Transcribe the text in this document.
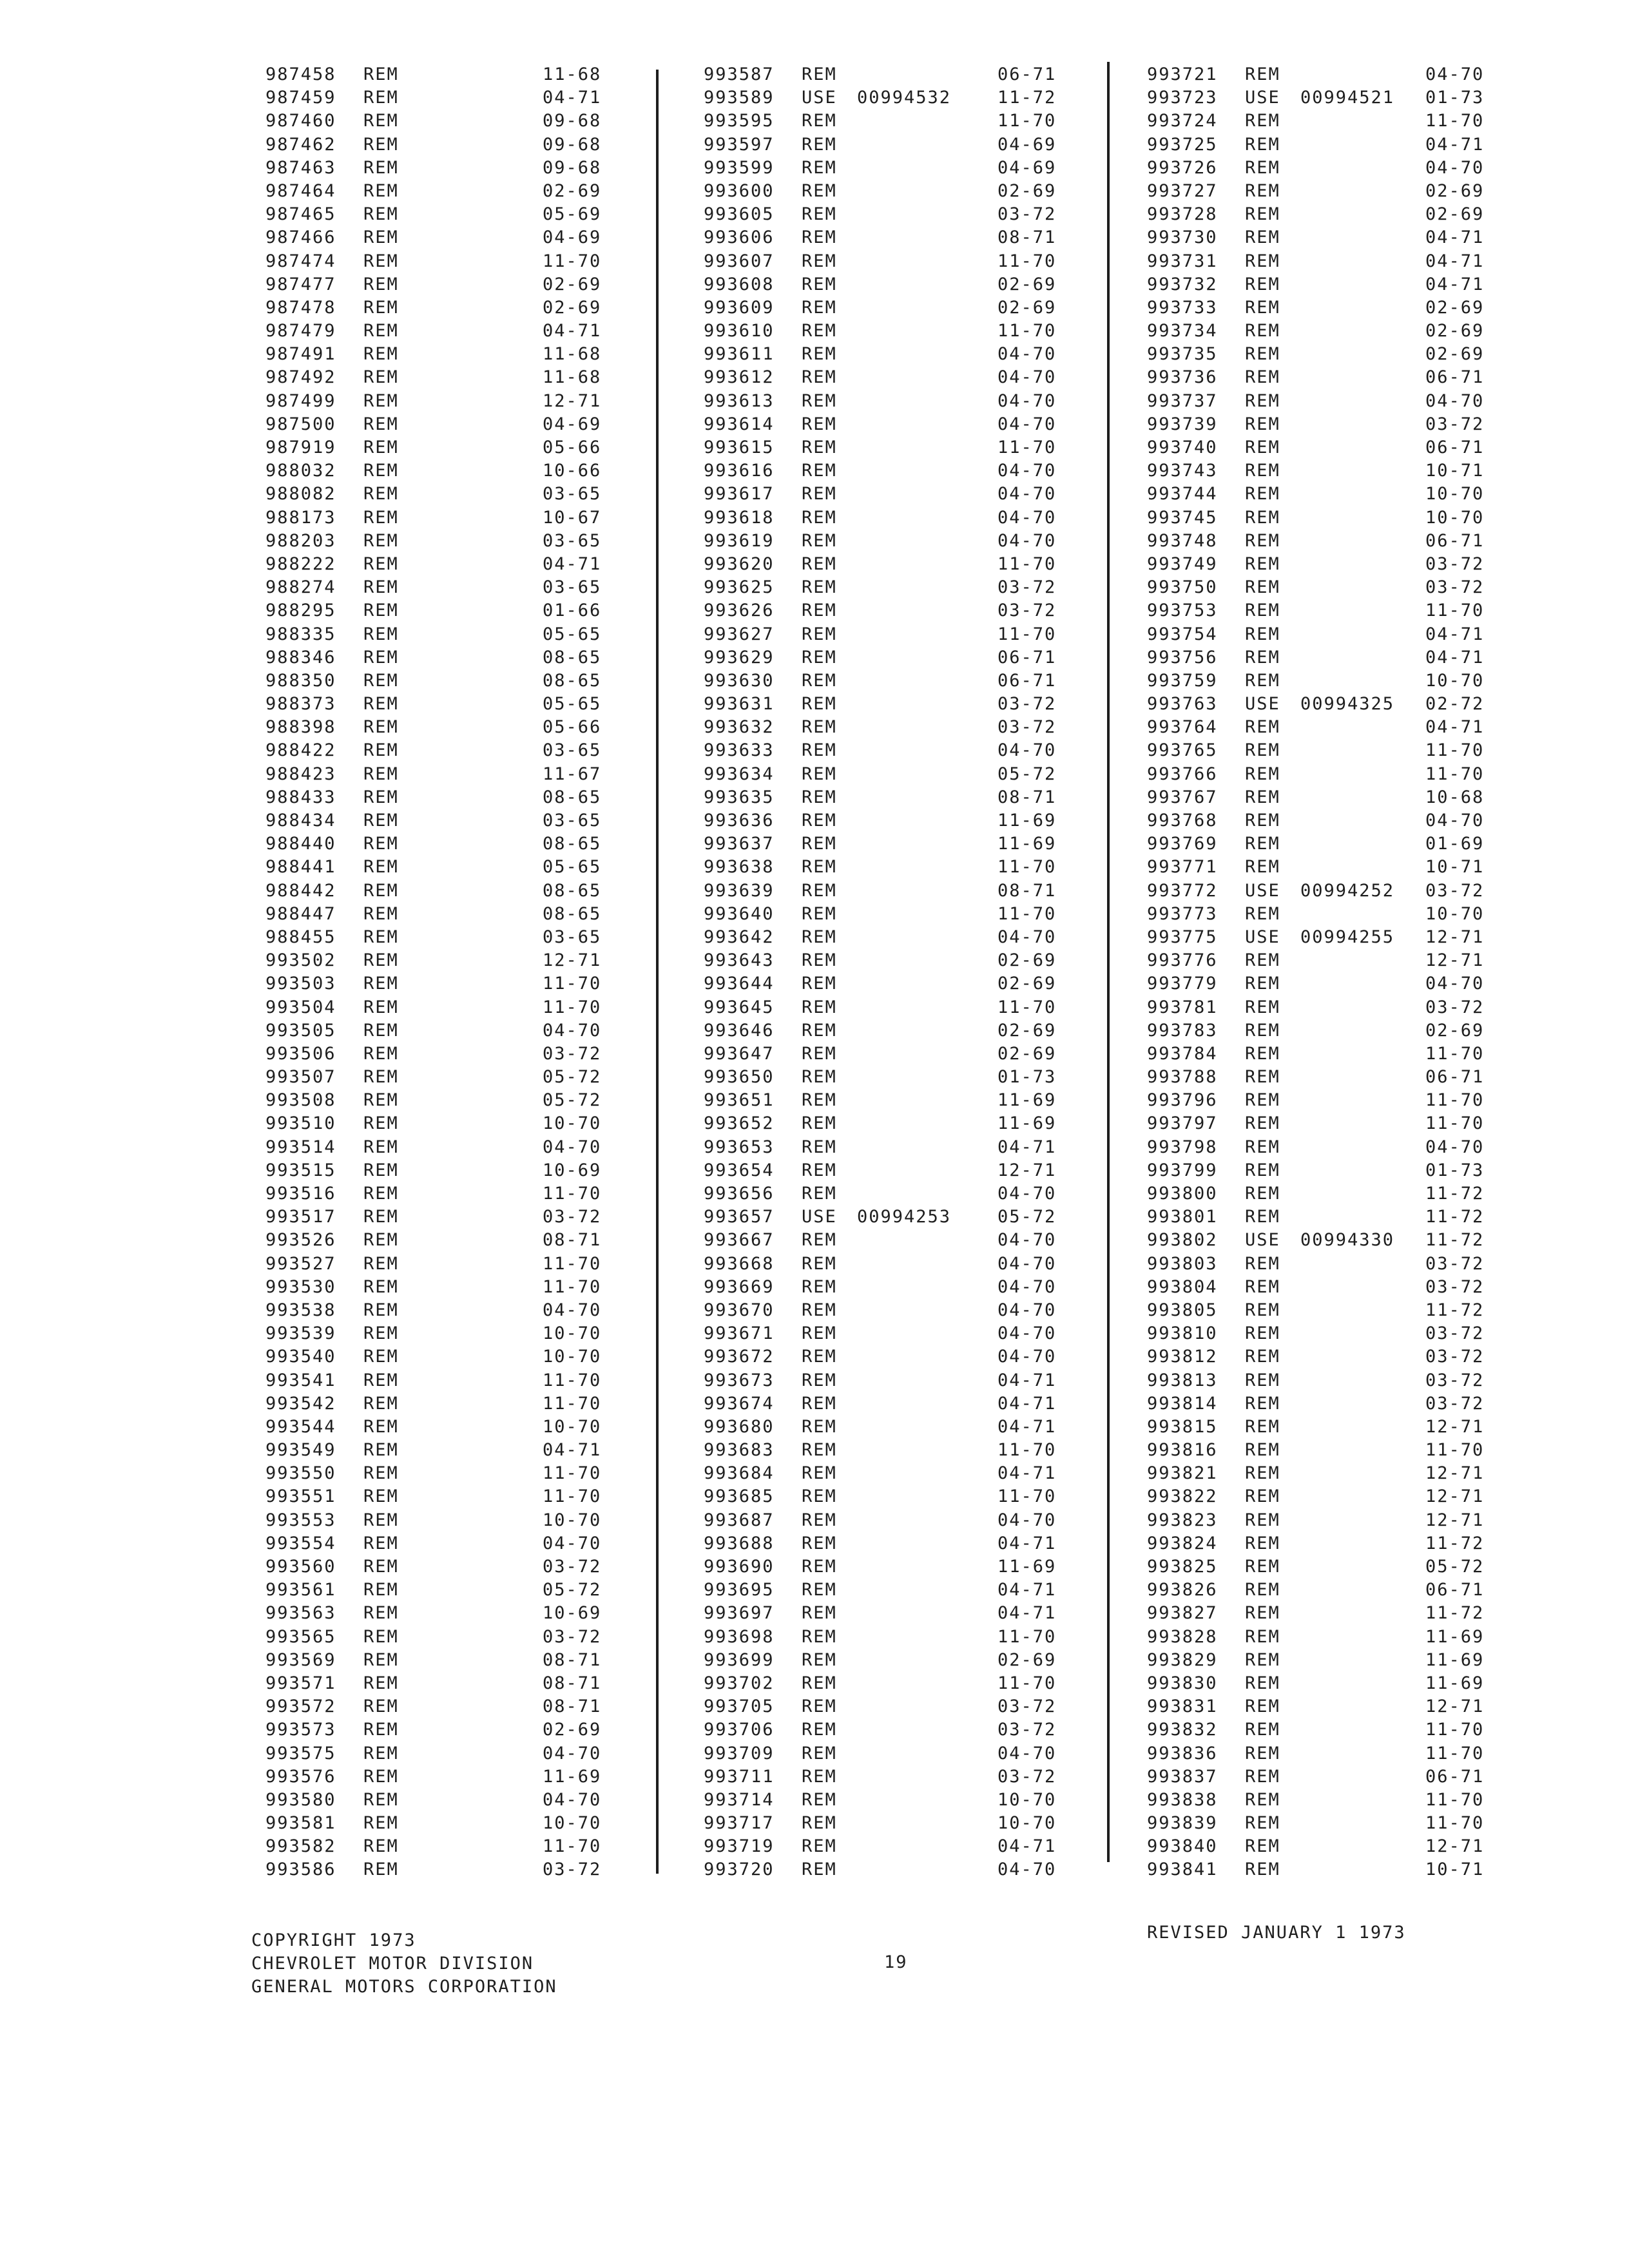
987458 REM	11-68
987459 REM	04-71
987460 REM	09-68
987462 REM	09-68
987463 REM	09-68
987464 REM	02-69
987465 REM	05-69
987466 REM	04-69
987474 REM	11-70
987477 REM	02-69
987478 REM	02-69
987479 REM	04-71
987491 REM	11-68
987492 REM	11-68
987499 REM	12-71
987500 REM	04-69
987919 REM	05-66
988032 REM	10-66
988082 REM	03-65
988173 REM	10-67
988203 REM	03-65
988222 REM	04-71
988274 REM	03-65
988295 REM	01-66
988335 REM	05-65
988346 REM	08-65
988350 REM	08-65
988373 REM	05-65
988398 REM	05-66
988422 REM	03-65
988423 REM	11-67
988433 REM	08-65
988434 REM	03-65
988440 REM	08-65
988441 REM	05-65
988442 REM	08-65
988447 REM	08-65
988455 REM	03-65
993502 REM	12-71
993503 REM	11-70
993504 REM	11-70
993505 REM	04-70
993506 REM	03-72
993507 REM	05-72
993508 REM	05-72
993510 REM	10-70
993514 REM	04-70
993515 REM	10-69
993516 REM	11-70
993517 REM	03-72
993526 REM	08-71
993527 REM	11-70
993530 REM	11-70
993538 REM	04-70
993539 REM	10-70
993540 REM	10-70
993541 REM	11-70
993542 REM	11-70
993544 REM	10-70
993549 REM	04-71
993550 REM	11-70
993551 REM	11-70
993553 REM	10-70
993554 REM	04-70
993560 REM	03-72
993561 REM	05-72
993563 REM	10-69
993565 REM	03-72
993569 REM	08-71
993571 REM	08-71
993572 REM	08-71
993573 REM	02-69
993575 REM	04-70
993576 REM	11-69
993580 REM	04-70
993581 REM	10-70
993582 REM	11-70
993586 REM	03-72
993587 REM	06-71
993589 USE 00994532	11-72
993595 REM	11-70
993597 REM	04-69
993599 REM	04-69
993600 REM	02-69
993605 REM	03-72
993606 REM	08-71
993607 REM	11-70
993608 REM	02-69
993609 REM	02-69
993610 REM	11-70
993611 REM	04-70
993612 REM	04-70
993613 REM	04-70
993614 REM	04-70
993615 REM	11-70
993616 REM	04-70
993617 REM	04-70
993618 REM	04-70
993619 REM	04-70
993620 REM	11-70
993625 REM	03-72
993626 REM	03-72
993627 REM	11-70
993629 REM	06-71
993630 REM	06-71
993631 REM	03-72
993632 REM	03-72
993633 REM	04-70
993634 REM	05-72
993635 REM	08-71
993636 REM	11-69
993637 REM	11-69
993638 REM	11-70
993639 REM	08-71
993640 REM	11-70
993642 REM	04-70
993643 REM	02-69
993644 REM	02-69
993645 REM	11-70
993646 REM	02-69
993647 REM	02-69
993650 REM	01-73
993651 REM	11-69
993652 REM	11-69
993653 REM	04-71
993654 REM	12-71
993656 REM	04-70
993657 USE 00994253	05-72
993667 REM	04-70
993668 REM	04-70
993669 REM	04-70
993670 REM	04-70
993671 REM	04-70
993672 REM	04-70
993673 REM	04-71
993674 REM	04-71
993680 REM	04-71
993683 REM	11-70
993684 REM	04-71
993685 REM	11-70
993687 REM	04-70
993688 REM	04-71
993690 REM	11-69
993695 REM	04-71
993697 REM	04-71
993698 REM	11-70
993699 REM	02-69
993702 REM	11-70
993705 REM	03-72
993706 REM	03-72
993709 REM	04-70
993711 REM	03-72
993714 REM	10-70
993717 REM	10-70
993719 REM	04-71
993720 REM	04-70
993721 REM	04-70
993723 USE 00994521 01-73
993724 REM	11-70
993725 REM	04-71
993726 REM	04-70
993727 REM	02-69
993728 REM	02-69
993730 REM	04-71
993731 REM	04-71
993732 REM	04-71
993733 REM	02-69
993734 REM	02-69
993735 REM	02-69
993736 REM	06-71
993737 REM	04-70
993739 REM	03-72
993740 REM	06-71
993743 REM	10-71
993744 REM	10-70
993745 REM	10-70
993748 REM	06-71
993749 REM	03-72
993750 REM	03-72
993753 REM	11-70
993754 REM	04-71
993756 REM	04-71
993759 REM	10-70
993763 USE 00994325 02-72
993764 REM	04-71
993765 REM	11-70
993766 REM	11-70
993767 REM	10-68
993768 REM	04-70
993769 REM	01-69
993771 REM	10-71
993772 USE 00994252 03-72
993773 REM	10-70
993775 USE 00994255 12-71
993776 REM	12-71
993779 REM	04-70
993781 REM	03-72
993783 REM	02-69
993784 REM	11-70
993788 REM	06-71
993796 REM	11-70
993797 REM	11-70
993798 REM	04-70
993799 REM	01-73
993800 REM	11-72
993801 REM	11-72
993802 USE 00994330 11-72
993803 REM	03-72
993804 REM	03-72
993805 REM	11-72
993810 REM	03-72
993812 REM	03-72
993813 REM	03-72
993814 REM	03-72
993815 REM	12-71
993816 REM	11-70
993821 REM	12-71
993822 REM	12-71
993823 REM	12-71
993824 REM	11-72
993825 REM	05-72
993826 REM	06-71
993827 REM	11-72
993828 REM	11-69
993829 REM	11-69
993830 REM	11-69
993831 REM	12-71
993832 REM	11-70
993836 REM	11-70
993837 REM	06-71
993838 REM	11-70
993839 REM	11-70
993840 REM	12-71
993841 REM	10-71
COPYRIGHT 1973
CHEVROLET MOTOR DIVISION
GENERAL MOTORS CORPORATION
19
REVISED JANUARY 1 1973
